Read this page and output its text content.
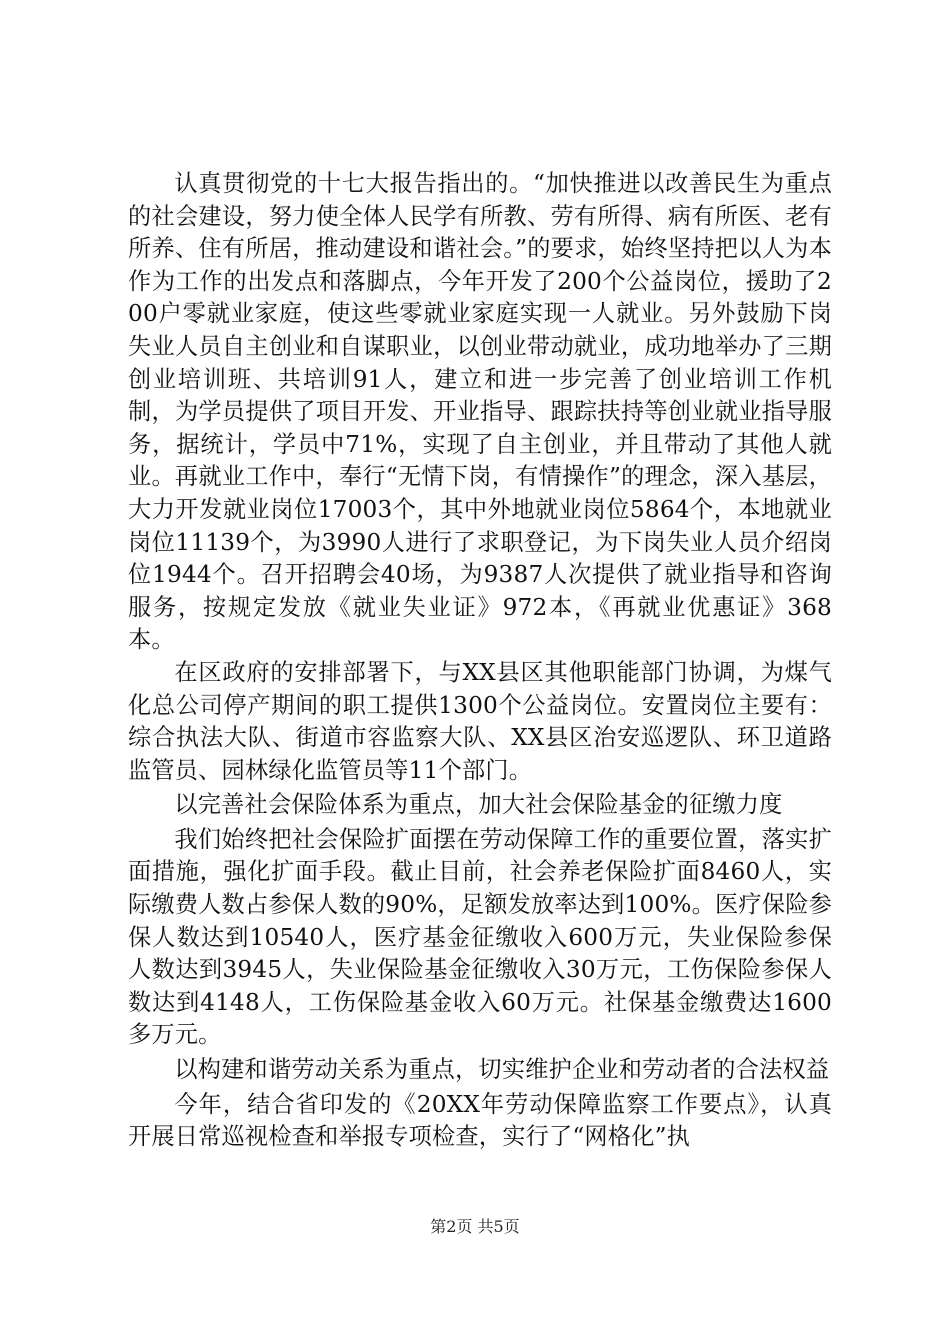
认真贯彻党的十七大报告指出的。“加快推进以改善民生为重点的社会建设，努力使全体人民学有所教、劳有所得、病有所医、老有所养、住有所居，推动建设和谐社会。”的要求，始终坚持把以人为本作为工作的出发点和落脚点，今年开发了200个公益岗位，援助了200户零就业家庭，使这些零就业家庭实现一人就业。另外鼓励下岗失业人员自主创业和自谋职业，以创业带动就业，成功地举办了三期创业培训班、共培训91人，建立和进一步完善了创业培训工作机制，为学员提供了项目开发、开业指导、跟踪扶持等创业就业指导服务，据统计，学员中71%，实现了自主创业，并且带动了其他人就业。再就业工作中，奉行“无情下岗，有情操作”的理念，深入基层，大力开发就业岗位17003个，其中外地就业岗位5864个，本地就业岗位11139个，为3990人进行了求职登记，为下岗失业人员介绍岗位1944个。召开招聘会40场，为9387人次提供了就业指导和咨询服务，按规定发放《就业失业证》972本，《再就业优惠证》368本。

在区政府的安排部署下，与XX县区其他职能部门协调，为煤气化总公司停产期间的职工提供1300个公益岗位。安置岗位主要有：综合执法大队、街道市容监察大队、XX县区治安巡逻队、环卫道路监管员、园林绿化监管员等11个部门。

以完善社会保险体系为重点，加大社会保险基金的征缴力度

我们始终把社会保险扩面摆在劳动保障工作的重要位置，落实扩面措施，强化扩面手段。截止目前，社会养老保险扩面8460人，实际缴费人数占参保人数的90%，足额发放率达到100%。医疗保险参保人数达到10540人，医疗基金征缴收入600万元，失业保险参保人数达到3945人，失业保险基金征缴收入30万元，工伤保险参保人数达到4148人，工伤保险基金收入60万元。社保基金缴费达1600多万元。

以构建和谐劳动关系为重点，切实维护企业和劳动者的合法权益

今年，结合省印发的《20XX年劳动保障监察工作要点》，认真开展日常巡视检查和举报专项检查，实行了“网格化”执

第2页 共5页
